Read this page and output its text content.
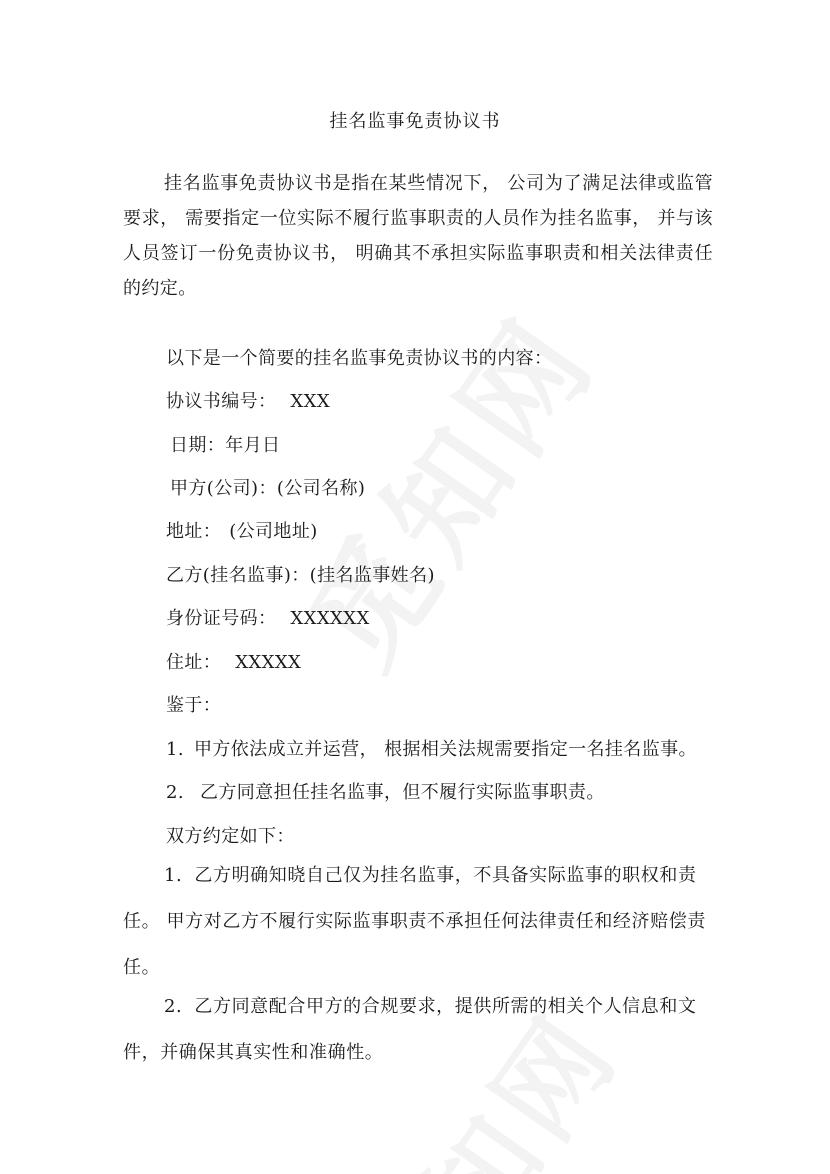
挂名监事免责协议书

挂名监事免责协议书是指在某些情况下， 公司为了满足法律或监管要求， 需要指定一位实际不履行监事职责的人员作为挂名监事， 并与该人员签订一份免责协议书， 明确其不承担实际监事职责和相关法律责任的约定。

以下是一个简要的挂名监事免责协议书的内容：
协议书编号： XXX
日期：年月日
甲方(公司)：(公司名称)
地址： (公司地址)
乙方(挂名监事)：(挂名监事姓名)
身份证号码： XXXXXX
住址： XXXXX
鉴于：
1. 甲方依法成立并运营， 根据相关法规需要指定一名挂名监事。
2. 乙方同意担任挂名监事，但不履行实际监事职责。
双方约定如下：

1. 乙方明确知晓自己仅为挂名监事，不具备实际监事的职权和责任。 甲方对乙方不履行实际监事职责不承担任何法律责任和经济赔偿责任。

2. 乙方同意配合甲方的合规要求，提供所需的相关个人信息和文件，并确保其真实性和准确性。
